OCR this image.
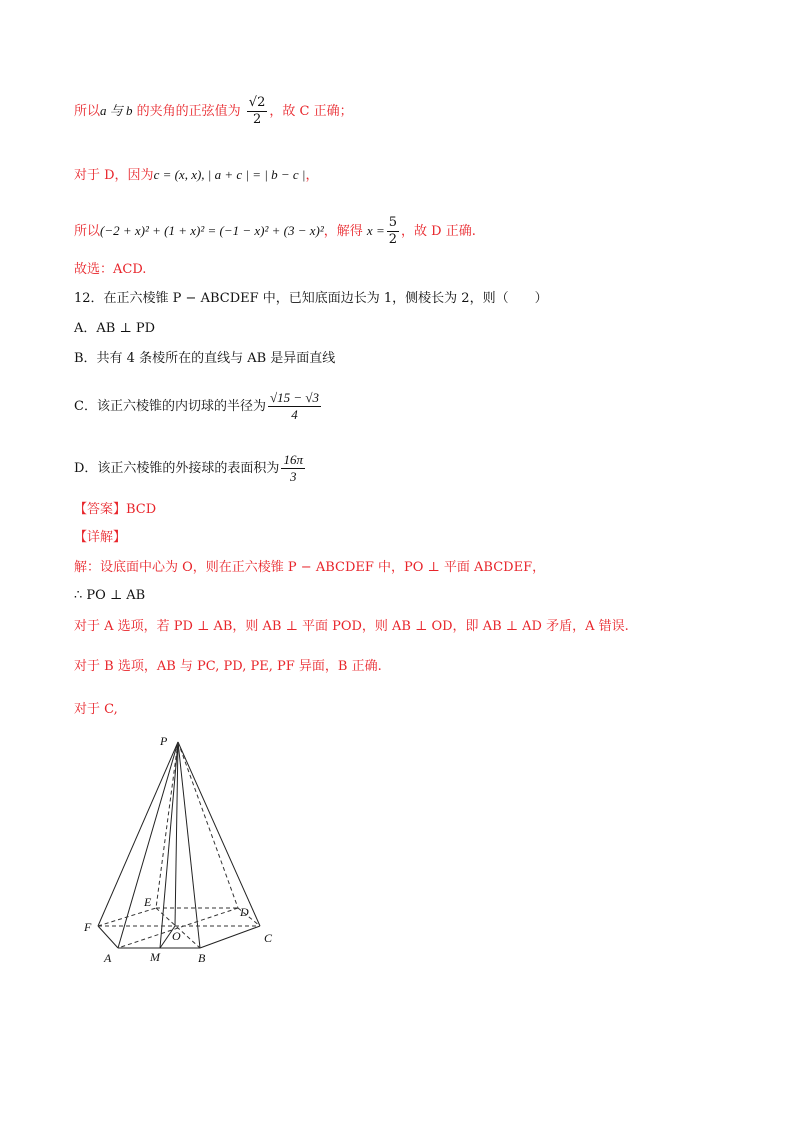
所以a 与 b 的夹角的正弦值为 $\frac{√2}{2}$ ，故 C 正确；
对于 D，因为c = (x, x), | a + c | = | b − c |，
所以(−2 + x)² + (1 + x)² = (−1 − x)² + (3 − x)²，解得 $x = \frac{5}{2}$ ，故 D 正确.
故选：ACD.
12．在正六棱锥 P − ABCDEF 中，已知底面边长为 1，侧棱长为 2，则（　　）
A．AB ⊥ PD
B．共有 4 条棱所在的直线与 AB 是异面直线
C．该正六棱锥的内切球的半径为 $\frac{√15 - √3}{4}$
D．该正六棱锥的外接球的表面积为 $\frac{16\pi}{3}$
【答案】BCD
【详解】
解：设底面中心为 O，则在正六棱锥 P − ABCDEF 中，PO ⊥ 平面 ABCDEF，
∴ PO ⊥ AB
对于 A 选项，若 PD ⊥ AB，则 AB ⊥ 平面 POD，则 AB ⊥ OD，即 AB ⊥ AD 矛盾，A 错误.
对于 B 选项，AB 与 PC, PD, PE, PF 异面，B 正确.
对于 C,
P
E
D
F
O	C
A	M	B
